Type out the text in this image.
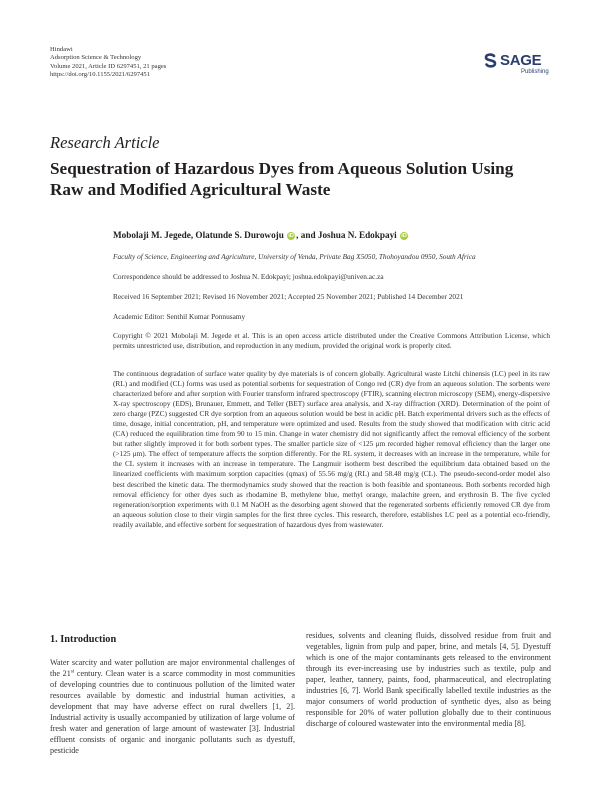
Hindawi
Adsorption Science & Technology
Volume 2021, Article ID 6297451, 21 pages
https://doi.org/10.1155/2021/6297451
SAGE
Publishing
Research Article
Sequestration of Hazardous Dyes from Aqueous Solution Using Raw and Modified Agricultural Waste
Mobolaji M. Jegede, Olatunde S. Durowoju iD , and Joshua N. Edokpayi iD
Faculty of Science, Engineering and Agriculture, University of Venda, Private Bag X5050, Thohoyandou 0950, South Africa
Correspondence should be addressed to Joshua N. Edokpayi; joshua.edokpayi@univen.ac.za
Received 16 September 2021; Revised 16 November 2021; Accepted 25 November 2021; Published 14 December 2021
Academic Editor: Senthil Kumar Ponnusamy
Copyright © 2021 Mobolaji M. Jegede et al. This is an open access article distributed under the Creative Commons Attribution License, which permits unrestricted use, distribution, and reproduction in any medium, provided the original work is properly cited.
The continuous degradation of surface water quality by dye materials is of concern globally. Agricultural waste Litchi chinensis (LC) peel in its raw (RL) and modified (CL) forms was used as potential sorbents for sequestration of Congo red (CR) dye from an aqueous solution. The sorbents were characterized before and after sorption with Fourier transform infrared spectroscopy (FTIR), scanning electron microscopy (SEM), energy-dispersive X-ray spectroscopy (EDS), Brunauer, Emmett, and Teller (BET) surface area analysis, and X-ray diffraction (XRD). Determination of the point of zero charge (PZC) suggested CR dye sorption from an aqueous solution would be best in acidic pH. Batch experimental drivers such as the effects of time, dosage, initial concentration, pH, and temperature were optimized and used. Results from the study showed that modification with citric acid (CA) reduced the equilibration time from 90 to 15 min. Change in water chemistry did not significantly affect the removal efficiency of the sorbent but rather slightly improved it for both sorbent types. The smaller particle size of <125 μm recorded higher removal efficiency than the larger one (>125 μm). The effect of temperature affects the sorption differently. For the RL system, it decreases with an increase in the temperature, while for the CL system it increases with an increase in temperature. The Langmuir isotherm best described the equilibrium data obtained based on the linearized coefficients with maximum sorption capacities (qmax) of 55.56 mg/g (RL) and 58.48 mg/g (CL). The pseudo-second-order model also best described the kinetic data. The thermodynamics study showed that the reaction is both feasible and spontaneous. Both sorbents recorded high removal efficiency for other dyes such as rhodamine B, methylene blue, methyl orange, malachite green, and erythrosin B. The five cycled regeneration/sorption experiments with 0.1 M NaOH as the desorbing agent showed that the regenerated sorbents efficiently removed CR dye from an aqueous solution close to their virgin samples for the first three cycles. This research, therefore, establishes LC peel as a potential eco-friendly, readily available, and effective sorbent for sequestration of hazardous dyes from wastewater.
1. Introduction
Water scarcity and water pollution are major environmental challenges of the 21st century. Clean water is a scarce commodity in most communities of developing countries due to continuous pollution of the limited water resources available by domestic and industrial human activities, a development that may have adverse effect on rural dwellers [1, 2]. Industrial activity is usually accompanied by utilization of large volume of fresh water and generation of large amount of wastewater [3]. Industrial effluent consists of organic and inorganic pollutants such as dyestuff, pesticide
residues, solvents and cleaning fluids, dissolved residue from fruit and vegetables, lignin from pulp and paper, brine, and metals [4, 5]. Dyestuff which is one of the major contaminants gets released to the environment through its ever-increasing use by industries such as textile, pulp and paper, leather, tannery, paints, food, pharmaceutical, and electroplating industries [6, 7]. World Bank specifically labelled textile industries as the major consumers of world production of synthetic dyes, also as being responsible for 20% of water pollution globally due to their continuous discharge of coloured wastewater into the environmental media [8].
